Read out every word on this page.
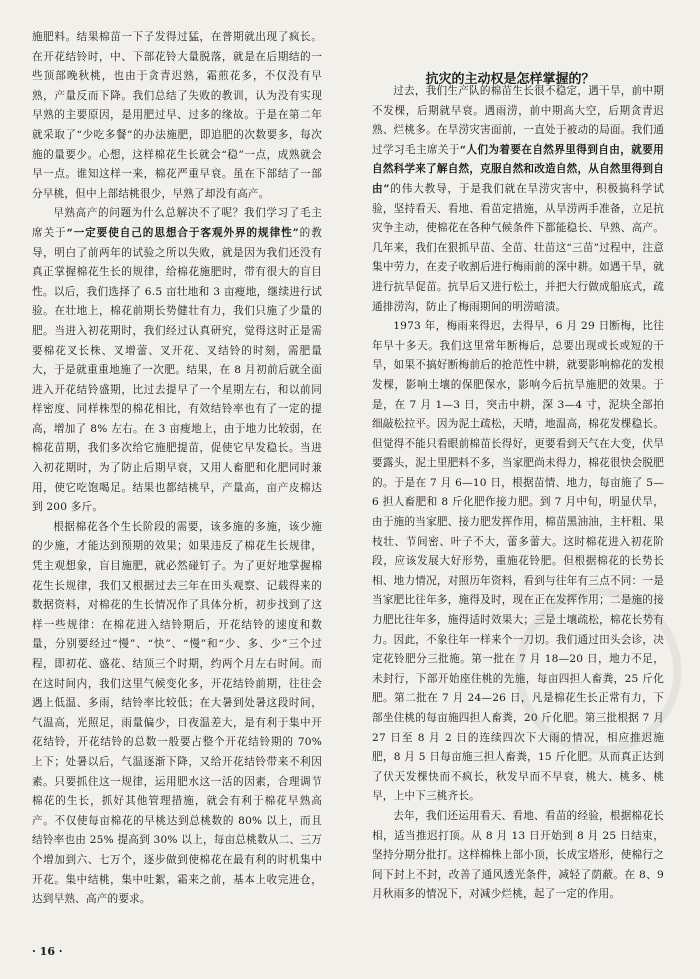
施肥料。结果棉苗一下子发得过猛，在普期就出现了疯长。在开花结铃时，中、下部花铃大量脱落，就是在后期结的一些顶部晚秋桃，也由于贪青迟熟，霜煎花多，不仅没有早熟，产量反而下降。我们总结了失败的教训，认为没有实现早熟的主要原因，是用肥过早、过多的缘故。于是在第二年就采取了“少吃多餐”的办法施肥，即追肥的次数要多，每次施的量要少。心想，这样棉花生长就会“稳”一点，成熟就会早一点。谁知这样一来，棉花严重早衰。虽在下部结了一部分早桃，但中上部结桃很少，早熟了却没有高产。

早熟高产的问题为什么总解决不了呢？我们学习了毛主席关于“一定要使自己的思想合于客观外界的规律性”的教导，明白了前两年的试验之所以失败，就是因为我们还没有真正掌握棉花生长的规律，给棉花施肥时，带有很大的盲目性。以后，我们选择了 6.5 亩壮地和 3 亩瘦地，继续进行试验。在壮地上，棉花前期长势健壮有力，我们只施了少量的肥。当进入初花期时，我们经过认真研究，觉得这时正是需要棉花叉长株、叉增蕾、叉开花、叉结铃的时刻，需肥量大，于是就重重地施了一次肥。结果，在 8 月初前后就全面进入开花结铃盛期，比过去提早了一个星期左右，和以前同样密度、同样株型的棉花相比，有效结铃率也有了一定的提高，增加了 8% 左右。在 3 亩瘦地上，由于地力比较弱，在棉花苗期，我们多次给它施肥提苗，促使它早发稳长。当进入初花期时，为了防止后期早衰，又用人畜肥和化肥同时兼用，使它吃饱喝足。结果也都结桃早，产量高，亩产皮棉达到 200 多斤。

根据棉花各个生长阶段的需要，该多施的多施，该少施的少施，才能达到预期的效果；如果违反了棉花生长规律，凭主观想象，盲目施肥，就必然碰钉子。为了更好地掌握棉花生长规律，我们又根据过去三年在田头观察、记载得来的数据资料，对棉花的生长情况作了具体分析，初步找到了这样一些规律：在棉花进入结铃期后，开花结铃的速度和数量，分别要经过“慢”、“快”、“慢”和“少、多、少”三个过程，即初花、盛花、结顶三个时期，约两个月左右时间。而在这时间内，我们这里气候变化多，开花结铃前期，往往会遇上低温、多雨，结铃率比较低；在大暑到处暑这段时间，气温高，光照足，雨量偏少，日夜温差大，是有利于集中开花结铃，开花结铃的总数一般要占整个开花结铃期的 70% 上下；处暑以后，气温逐渐下降，又给开花结铃带来不利因素。只要抓住这一规律，运用肥水这一活的因素，合理调节棉花的生长，抓好其他管理措施，就会有利于棉花早熟高产。不仅使每亩棉花的早桃达到总桃数的 80% 以上，而且结铃率也由 25% 提高到 30% 以上，每亩总桃数从二、三万个增加到六、七万个，逐步做到使棉花在最有利的时机集中开花。集中结桃，集中吐絮，霜来之前，基本上收完进仓，达到早熟、高产的要求。

抗灾的主动权是怎样掌握的？

过去，我们生产队的棉苗生长很不稳定，遇干旱，前中期不发棵，后期就早衰。遇雨涝，前中期高大空，后期贪青迟熟、烂桃多。在旱涝灾害面前，一直处于被动的局面。我们通过学习毛主席关于“人们为着要在自然界里得到自由，就要用自然科学来了解自然，克服自然和改造自然，从自然里得到自由”的伟大教导，于是我们就在旱涝灾害中，积极搞科学试验，坚持看天、看地、看苗定措施，从旱涝两手准备，立足抗灾争主动，使棉花在各种气候条件下都能稳长、早熟、高产。几年来，我们在狠抓早苗、全苗、壮苗这“三苗”过程中，注意集中劳力，在麦子收割后进行梅雨前的深中耕。如遇干旱，就进行抗旱促苗。抗旱后又进行松土，并把大行做成船底式，疏通排涝沟，防止了梅雨期间的明涝暗渍。

1973 年，梅雨来得迟，去得早，6 月 29 日断梅，比往年早十多天。我们这里常年断梅后，总要出现或长或短的干旱，如果不搞好断梅前后的抢范性中耕，就要影响棉花的发根发棵，影响土壤的保肥保水，影响今后抗旱施肥的效果。于是，在 7 月 1—3 日，突击中耕，深 3—4 寸，泥块全部拍细敲松拉平。因为泥土疏松，天晴，地温高，棉花发棵稳长。但觉得不能只看眼前棉苗长得好，更要看到天气在大变，伏旱要露头，泥土里肥料不多，当家肥尚未得力，棉花很快会脱肥的。于是在 7 月 6—10 日，根据苗情、地力，每亩施了 5—6 担人畜肥和 8 斤化肥作接力肥。到 7 月中旬，明显伏旱，由于施的当家肥、接力肥发挥作用，棉苗黑油油，主杆粗、果枝壮、节间密、叶子不大，蕾多蕾大。这时棉花进入初花阶段，应该发展大好形势，重施花铃肥。但根据棉花的长势长相、地力情况，对照历年资料，看到与往年有三点不同：一是当家肥比往年多，施得及时，现在正在发挥作用；二是施的接力肥比往年多，施得适时效果大；三是土壤疏松，棉花长势有力。因此，不象往年一样来个一刀切。我们通过田头会诊，决定花铃肥分三批施。第一批在 7 月 18—20 日，地力不足，未封行，下部开始座住桃的先施，每亩四担人畜粪，25 斤化肥。第二批在 7 月 24—26 日，凡是棉花生长正常有力，下部坐住桃的每亩施四担人畜粪，20 斤化肥。第三批根据 7 月 27 日至 8 月 2 日的连续四次下大雨的情况，相应推迟施肥，8 月 5 日每亩施三担人畜粪，15 斤化肥。从而真正达到了伏天发棵快而不疯长，秋发早而不早衰，桃大、桃多、桃早，上中下三桃齐长。

去年，我们还运用看天、看地、看苗的经验，根据棉花长相，适当推迟打顶。从 8 月 13 日开始到 8 月 25 日结束，坚持分期分批打。这样棉株上部小顶，长成宝塔形，使棉行之间下封上不封，改善了通风透光条件，减轻了荫蔽。在 8、9 月秋雨多的情况下，对减少烂桃，起了一定的作用。

· 16 ·
